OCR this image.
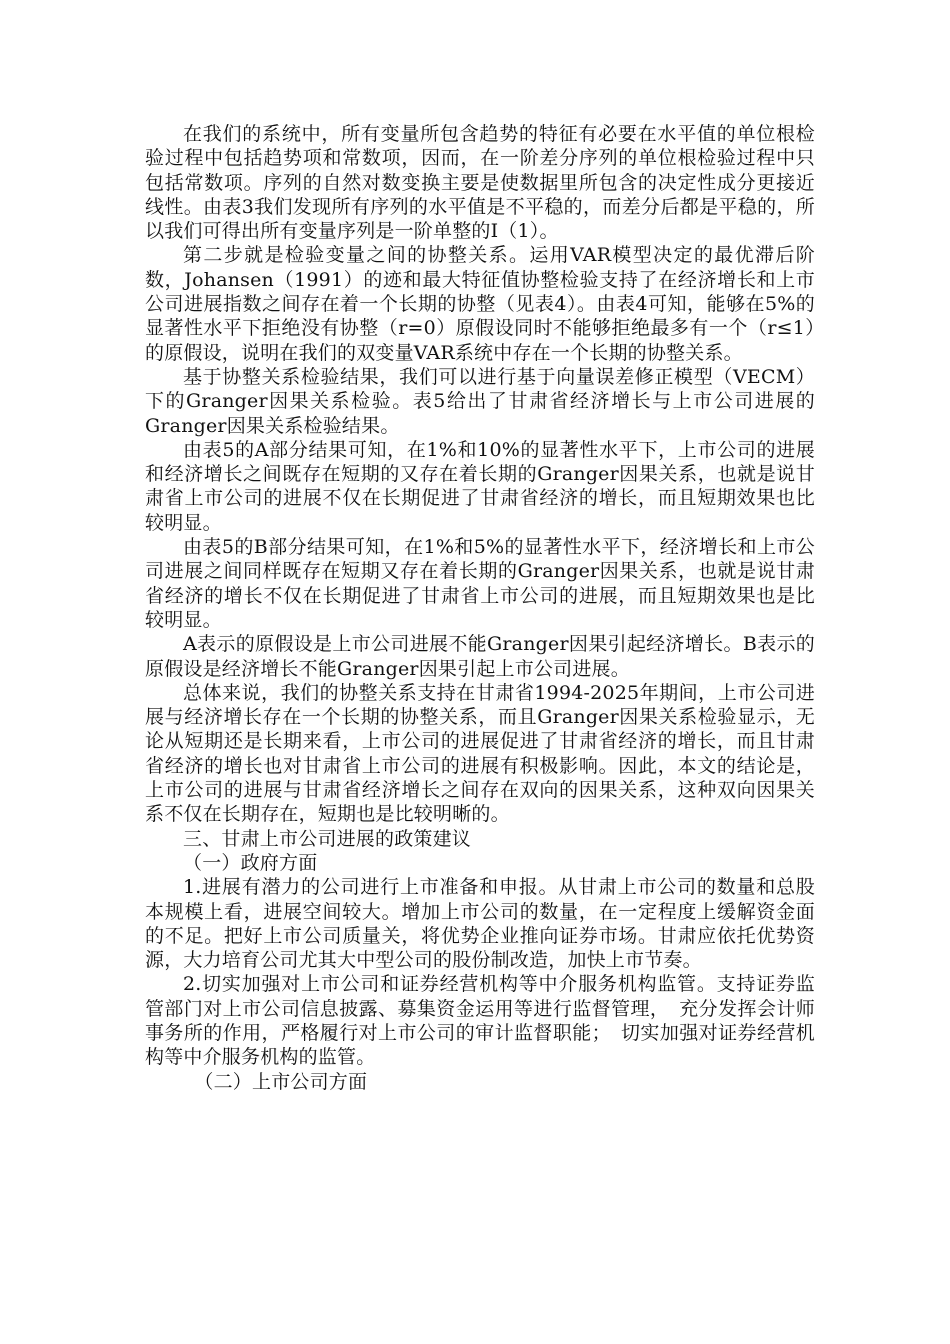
在我们的系统中，所有变量所包含趋势的特征有必要在水平值的单位根检验过程中包括趋势项和常数项，因而，在一阶差分序列的单位根检验过程中只包括常数项。序列的自然对数变换主要是使数据里所包含的决定性成分更接近线性。由表3我们发现所有序列的水平值是不平稳的，而差分后都是平稳的，所以我们可得出所有变量序列是一阶单整的Ⅰ（1）。

第二步就是检验变量之间的协整关系。运用VAR模型决定的最优滞后阶数，Johansen（1991）的迹和最大特征值协整检验支持了在经济增长和上市公司进展指数之间存在着一个长期的协整（见表4）。由表4可知，能够在5%的显著性水平下拒绝没有协整（r=0）原假设同时不能够拒绝最多有一个（r≤1）的原假设，说明在我们的双变量VAR系统中存在一个长期的协整关系。

基于协整关系检验结果，我们可以进行基于向量误差修正模型（VECM）下的Granger因果关系检验。表5给出了甘肃省经济增长与上市公司进展的Granger因果关系检验结果。

由表5的A部分结果可知，在1%和10%的显著性水平下，上市公司的进展和经济增长之间既存在短期的又存在着长期的Granger因果关系，也就是说甘肃省上市公司的进展不仅在长期促进了甘肃省经济的增长，而且短期效果也比较明显。

由表5的B部分结果可知，在1%和5%的显著性水平下，经济增长和上市公司进展之间同样既存在短期又存在着长期的Granger因果关系，也就是说甘肃省经济的增长不仅在长期促进了甘肃省上市公司的进展，而且短期效果也是比较明显。

A表示的原假设是上市公司进展不能Granger因果引起经济增长。B表示的原假设是经济增长不能Granger因果引起上市公司进展。

总体来说，我们的协整关系支持在甘肃省1994-2025年期间，上市公司进展与经济增长存在一个长期的协整关系，而且Granger因果关系检验显示，无论从短期还是长期来看，上市公司的进展促进了甘肃省经济的增长，而且甘肃省经济的增长也对甘肃省上市公司的进展有积极影响。因此，本文的结论是，上市公司的进展与甘肃省经济增长之间存在双向的因果关系，这种双向因果关系不仅在长期存在，短期也是比较明晰的。

三、甘肃上市公司进展的政策建议

（一）政府方面

1.进展有潜力的公司进行上市准备和申报。从甘肃上市公司的数量和总股本规模上看，进展空间较大。增加上市公司的数量，在一定程度上缓解资金面的不足。把好上市公司质量关，将优势企业推向证券市场。甘肃应依托优势资源，大力培育公司尤其大中型公司的股份制改造，加快上市节奏。

2.切实加强对上市公司和证券经营机构等中介服务机构监管。支持证券监管部门对上市公司信息披露、募集资金运用等进行监督管理，　充分发挥会计师事务所的作用，严格履行对上市公司的审计监督职能；　切实加强对证券经营机构等中介服务机构的监管。

（二）上市公司方面
